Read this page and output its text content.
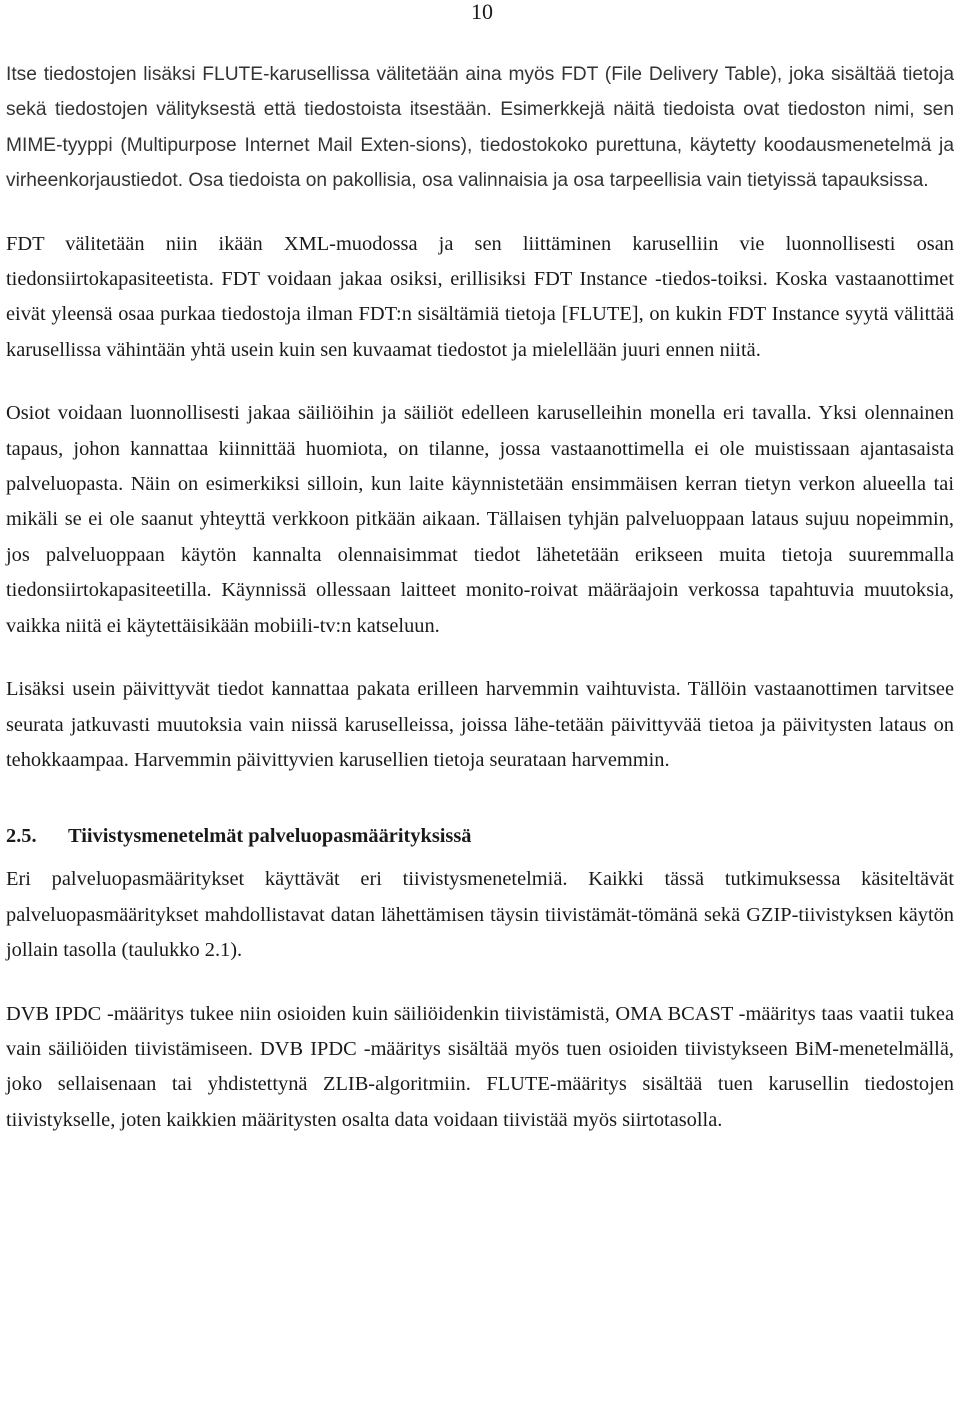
10

Itse tiedostojen lisäksi FLUTE-karusellissa välitetään aina myös FDT (File Delivery Table), joka sisältää tietoja sekä tiedostojen välityksestä että tiedostoista itsestään. Esimerkkejä näitä tiedoista ovat tiedoston nimi, sen MIME-tyyppi (Multipurpose Internet Mail Exten-sions), tiedostokoko purettuna, käytetty koodausmenetelmä ja virheenkorjaustiedot. Osa tiedoista on pakollisia, osa valinnaisia ja osa tarpeellisia vain tietyissä tapauksissa.

FDT välitetään niin ikään XML-muodossa ja sen liittäminen karuselliin vie luonnollisesti osan tiedonsiirtokapasiteetista. FDT voidaan jakaa osiksi, erillisiksi FDT Instance -tiedos-toiksi. Koska vastaanottimet eivät yleensä osaa purkaa tiedostoja ilman FDT:n sisältämiä tietoja [FLUTE], on kukin FDT Instance syytä välittää karusellissa vähintään yhtä usein kuin sen kuvaamat tiedostot ja mielellään juuri ennen niitä.

Osiot voidaan luonnollisesti jakaa säiliöihin ja säiliöt edelleen karuselleihin monella eri tavalla. Yksi olennainen tapaus, johon kannattaa kiinnittää huomiota, on tilanne, jossa vastaanottimella ei ole muistissaan ajantasaista palveluopasta. Näin on esimerkiksi silloin, kun laite käynnistetään ensimmäisen kerran tietyn verkon alueella tai mikäli se ei ole saanut yhteyttä verkkoon pitkään aikaan. Tällaisen tyhjän palveluoppaan lataus sujuu nopeimmin, jos palveluoppaan käytön kannalta olennaisimmat tiedot lähetetään erikseen muita tietoja suuremmalla tiedonsiirtokapasiteetilla. Käynnissä ollessaan laitteet monito-roivat määräajoin verkossa tapahtuvia muutoksia, vaikka niitä ei käytettäisikään mobiili-tv:n katseluun.

Lisäksi usein päivittyvät tiedot kannattaa pakata erilleen harvemmin vaihtuvista. Tällöin vastaanottimen tarvitsee seurata jatkuvasti muutoksia vain niissä karuselleissa, joissa lähe-tetään päivittyvää tietoa ja päivitysten lataus on tehokkaampaa. Harvemmin päivittyvien karusellien tietoja seurataan harvemmin.

2.5.	Tiivistysmenetelmät palveluopasmäärityksissä

Eri palveluopasmääritykset käyttävät eri tiivistysmenetelmiä. Kaikki tässä tutkimuksessa käsiteltävät palveluopasmääritykset mahdollistavat datan lähettämisen täysin tiivistämät-tömänä sekä GZIP-tiivistyksen käytön jollain tasolla (taulukko 2.1).

DVB IPDC -määritys tukee niin osioiden kuin säiliöidenkin tiivistämistä, OMA BCAST -määritys taas vaatii tukea vain säiliöiden tiivistämiseen. DVB IPDC -määritys sisältää myös tuen osioiden tiivistykseen BiM-menetelmällä, joko sellaisenaan tai yhdistettynä ZLIB-algoritmiin. FLUTE-määritys sisältää tuen karusellin tiedostojen tiivistykselle, joten kaikkien määritysten osalta data voidaan tiivistää myös siirtotasolla.
